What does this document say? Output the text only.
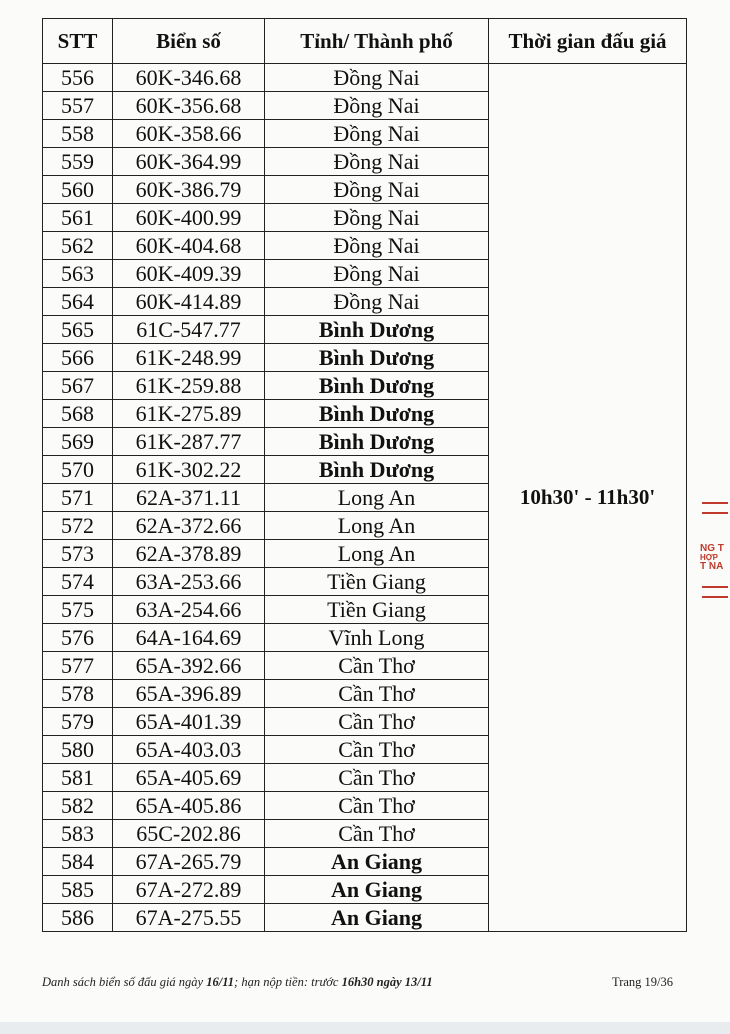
STT	Biển số	Tỉnh/ Thành phố	Thời gian đấu giá
556	60K-346.68	Đồng Nai	10h30' - 11h30'
557	60K-356.68	Đồng Nai	
558	60K-358.66	Đồng Nai	
559	60K-364.99	Đồng Nai	
560	60K-386.79	Đồng Nai	
561	60K-400.99	Đồng Nai	
562	60K-404.68	Đồng Nai	
563	60K-409.39	Đồng Nai	
564	60K-414.89	Đồng Nai	
565	61C-547.77	Bình Dương	
566	61K-248.99	Bình Dương	
567	61K-259.88	Bình Dương	
568	61K-275.89	Bình Dương	
569	61K-287.77	Bình Dương	
570	61K-302.22	Bình Dương	
571	62A-371.11	Long An	
572	62A-372.66	Long An	
573	62A-378.89	Long An	
574	63A-253.66	Tiền Giang	
575	63A-254.66	Tiền Giang	
576	64A-164.69	Vĩnh Long	
577	65A-392.66	Cần Thơ	
578	65A-396.89	Cần Thơ	
579	65A-401.39	Cần Thơ	
580	65A-403.03	Cần Thơ	
581	65A-405.69	Cần Thơ	
582	65A-405.86	Cần Thơ	
583	65C-202.86	Cần Thơ	
584	67A-265.79	An Giang	
585	67A-272.89	An Giang	
586	67A-275.55	An Giang	
Danh sách biển số đấu giá ngày 16/11; hạn nộp tiền: trước 16h30 ngày 13/11	Trang 19/36
NG T
HỢP
T NA
